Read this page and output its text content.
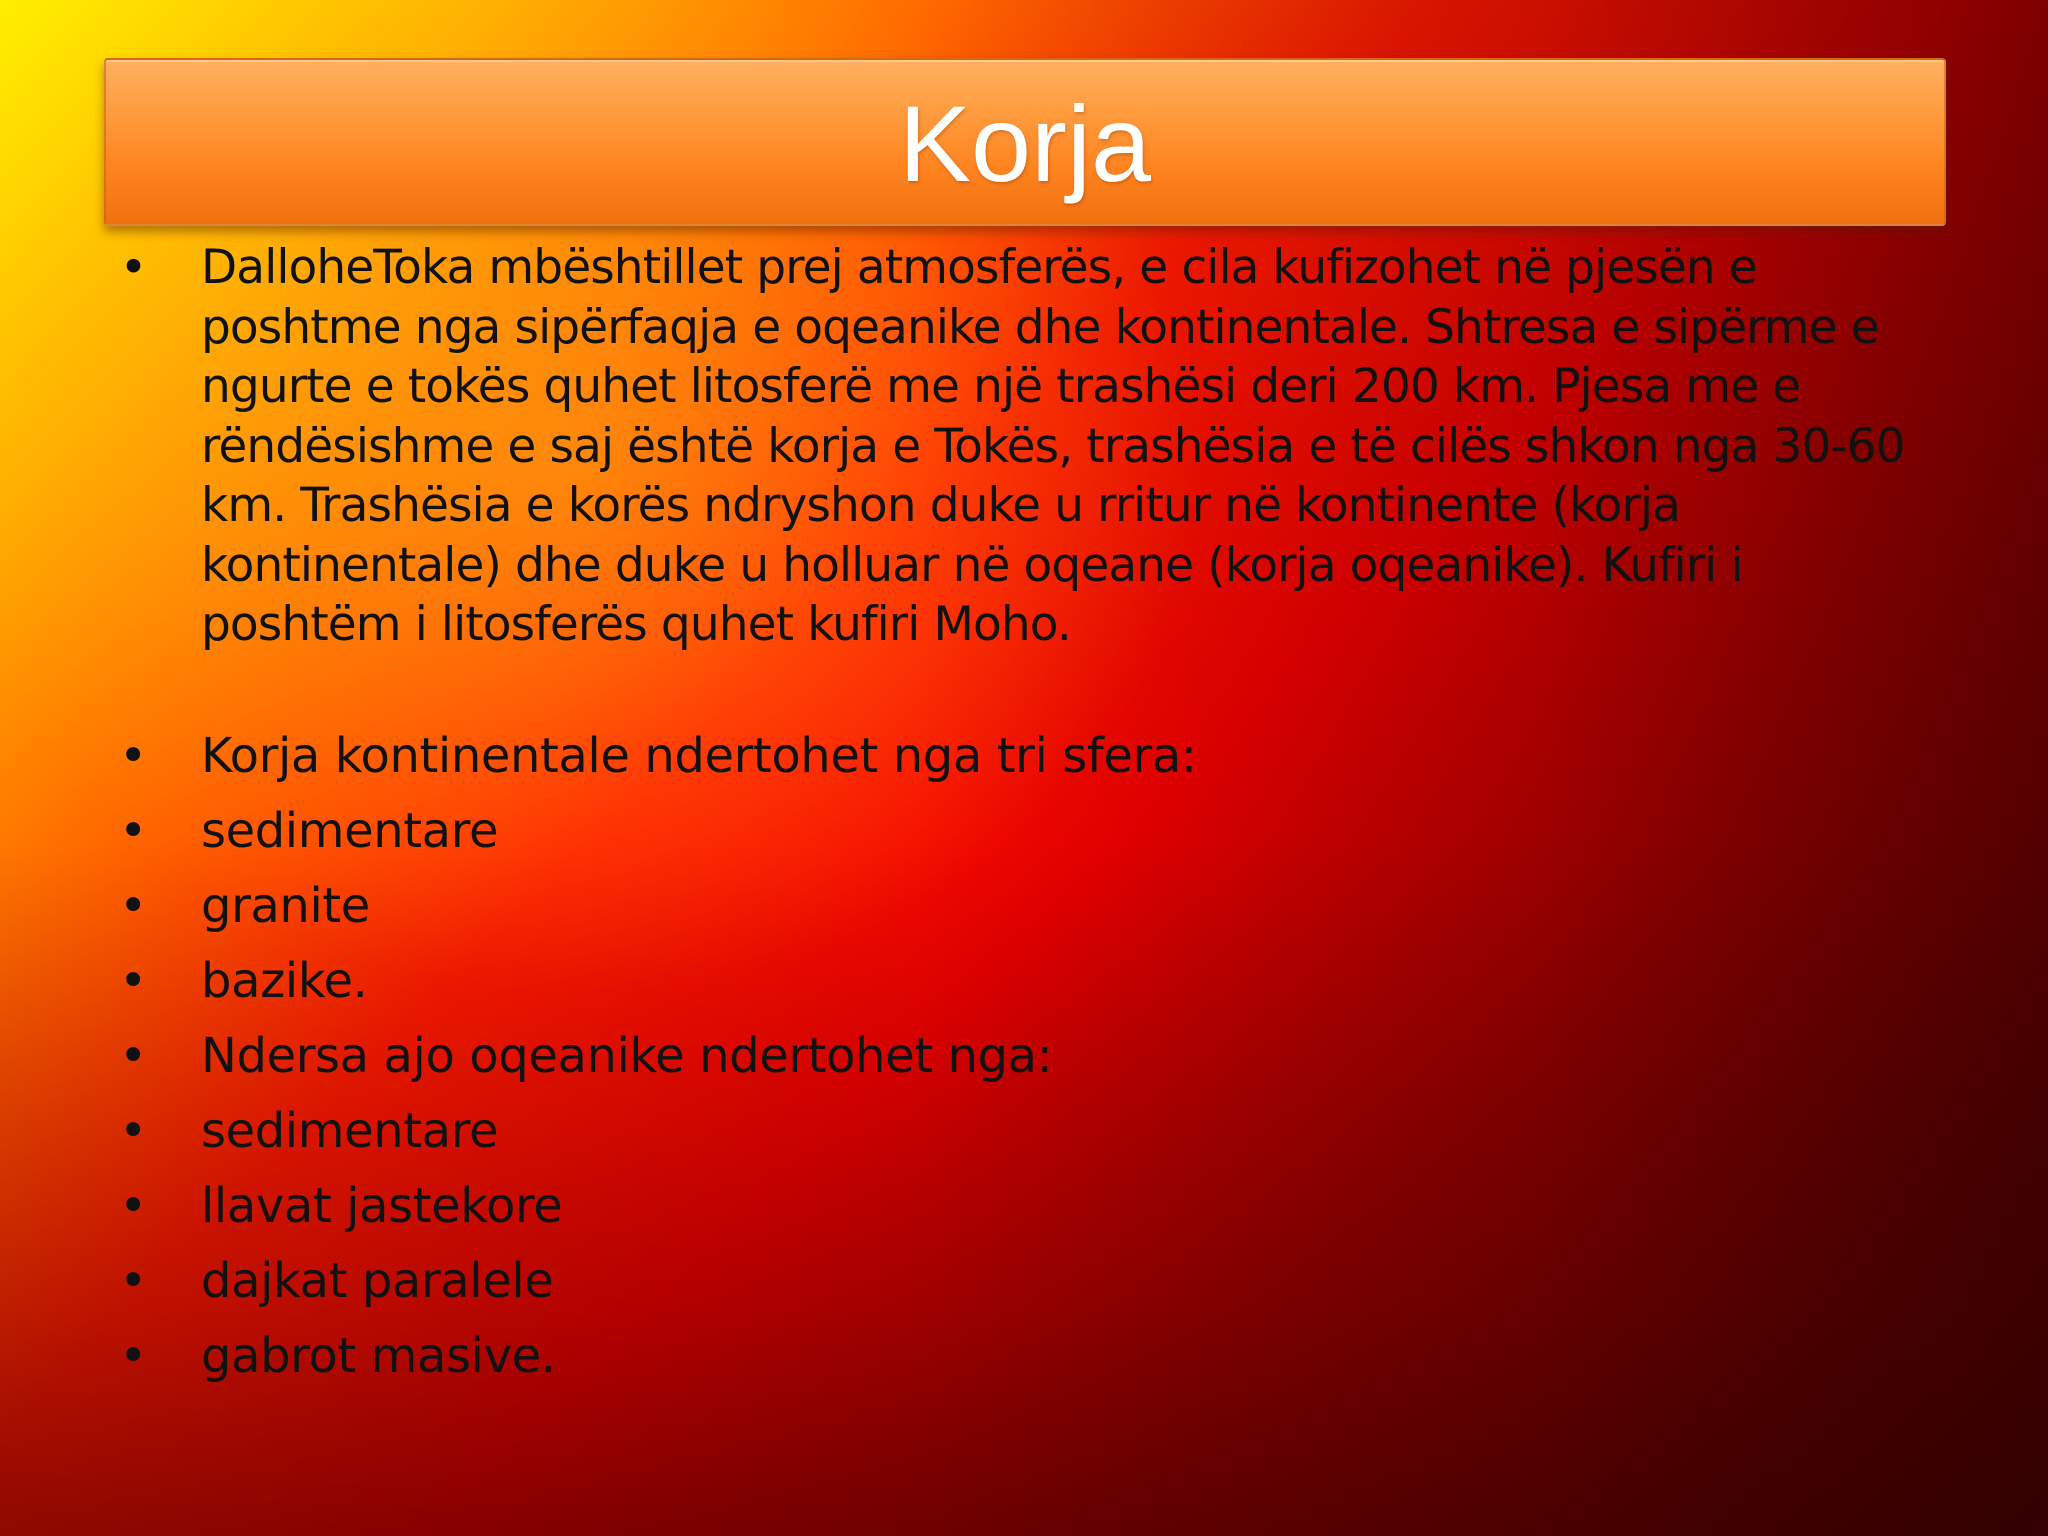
Korja
• DalloheToka mbështillet prej atmosferës, e cila kufizohet në pjesën e poshtme nga sipërfaqja e oqeanike dhe kontinentale. Shtresa e sipërme e ngurte e tokës quhet litosferë me një trashësi deri 200 km. Pjesa me e rëndësishme e saj është korja e Tokës, trashësia e të cilës shkon nga 30-60 km. Trashësia e korës ndryshon duke u rritur në kontinente (korja kontinentale) dhe duke u holluar në oqeane (korja oqeanike). Kufiri i poshtëm i litosferës quhet kufiri Moho.
• Korja kontinentale ndertohet nga tri sfera:
• sedimentare
• granite
• bazike.
• Ndersa ajo oqeanike ndertohet nga:
• sedimentare
• llavat jastekore
• dajkat paralele
• gabrot masive.
